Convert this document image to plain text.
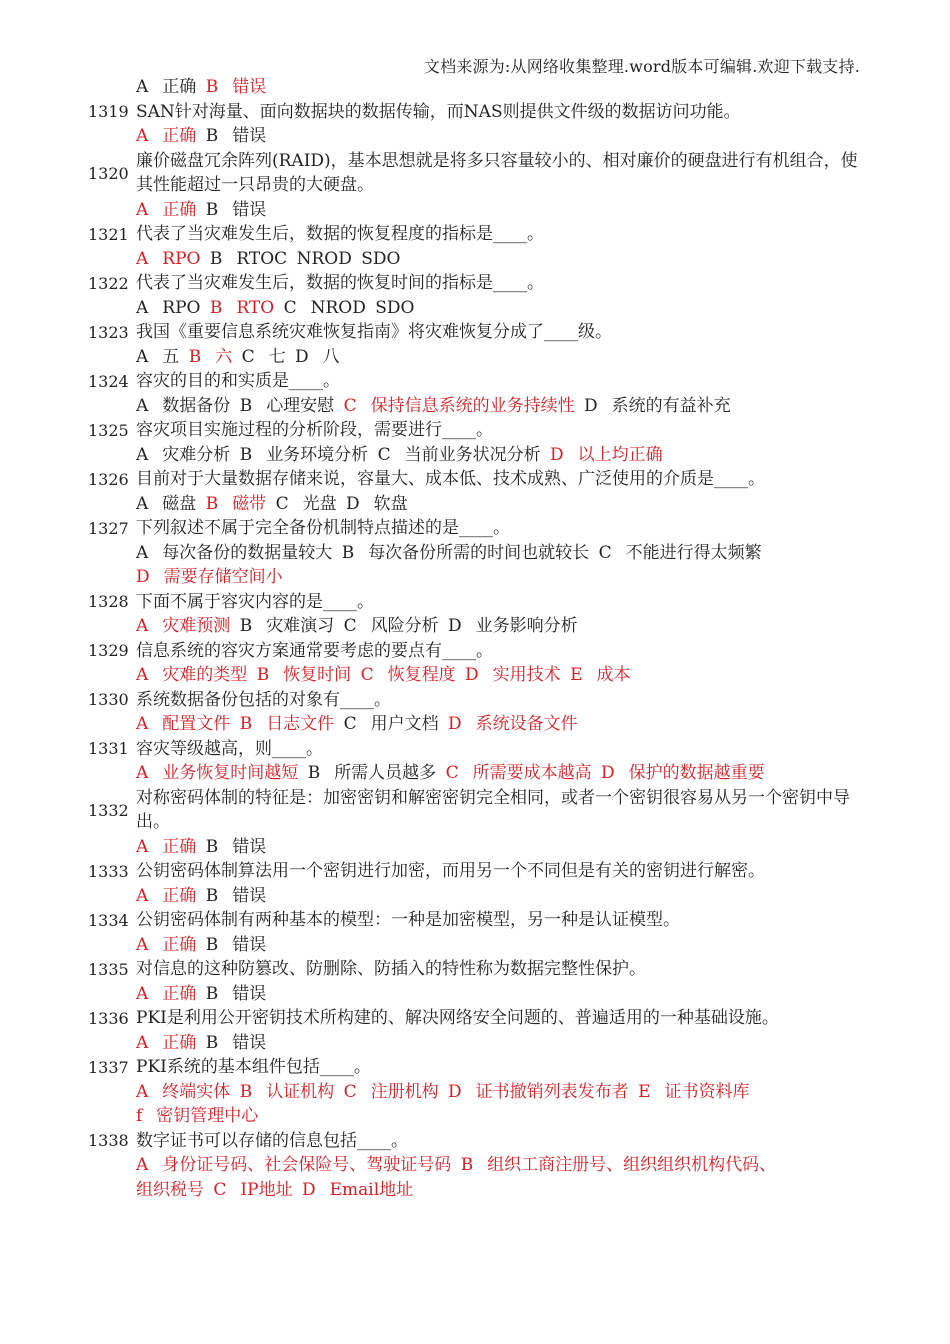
文档来源为:从网络收集整理.word版本可编辑.欢迎下载支持.
A 正确 B 错误
1319 SAN针对海量、面向数据块的数据传输，而NAS则提供文件级的数据访问功能。
A 正确 B 错误
1320
廉价磁盘冗余阵列(RAID)，基本思想就是将多只容量较小的、相对廉价的硬盘进行有机组合，使其性能超过一只昂贵的大硬盘。
A 正确 B 错误
1321 代表了当灾难发生后，数据的恢复程度的指标是____。
A RPO B RTOC NROD SDO
1322 代表了当灾难发生后，数据的恢复时间的指标是____。
A RPO B RTO C NROD SDO
1323 我国《重要信息系统灾难恢复指南》将灾难恢复分成了____级。
A 五 B 六 C 七 D 八
1324 容灾的目的和实质是____。
A 数据备份 B 心理安慰 C 保持信息系统的业务持续性 D 系统的有益补充
1325 容灾项目实施过程的分析阶段，需要进行____。
A 灾难分析 B 业务环境分析 C 当前业务状况分析 D 以上均正确
1326 目前对于大量数据存储来说，容量大、成本低、技术成熟、广泛使用的介质是____。
A 磁盘 B 磁带 C 光盘 D 软盘
1327 下列叙述不属于完全备份机制特点描述的是____。
A 每次备份的数据量较大 B 每次备份所需的时间也就较长 C 不能进行得太频繁
D 需要存储空间小
1328 下面不属于容灾内容的是____。
A 灾难预测 B 灾难演习 C 风险分析 D 业务影响分析
1329 信息系统的容灾方案通常要考虑的要点有____。
A 灾难的类型 B 恢复时间 C 恢复程度 D 实用技术 E 成本
1330 系统数据备份包括的对象有____。
A 配置文件 B 日志文件 C 用户文档 D 系统设备文件
1331 容灾等级越高，则____。
A 业务恢复时间越短 B 所需人员越多 C 所需要成本越高 D 保护的数据越重要
1332
对称密码体制的特征是：加密密钥和解密密钥完全相同，或者一个密钥很容易从另一个密钥中导出。
A 正确 B 错误
1333 公钥密码体制算法用一个密钥进行加密，而用另一个不同但是有关的密钥进行解密。
A 正确 B 错误
1334 公钥密码体制有两种基本的模型：一种是加密模型，另一种是认证模型。
A 正确 B 错误
1335 对信息的这种防篡改、防删除、防插入的特性称为数据完整性保护。
A 正确 B 错误
1336 PKI是利用公开密钥技术所构建的、解决网络安全问题的、普遍适用的一种基础设施。
A 正确 B 错误
1337 PKI系统的基本组件包括____。
A 终端实体 B 认证机构 C 注册机构 D 证书撤销列表发布者 E 证书资料库
f 密钥管理中心
1338 数字证书可以存储的信息包括____。
A 身份证号码、社会保险号、驾驶证号码 B 组织工商注册号、组织组织机构代码、
组织税号 C IP地址 D Email地址
